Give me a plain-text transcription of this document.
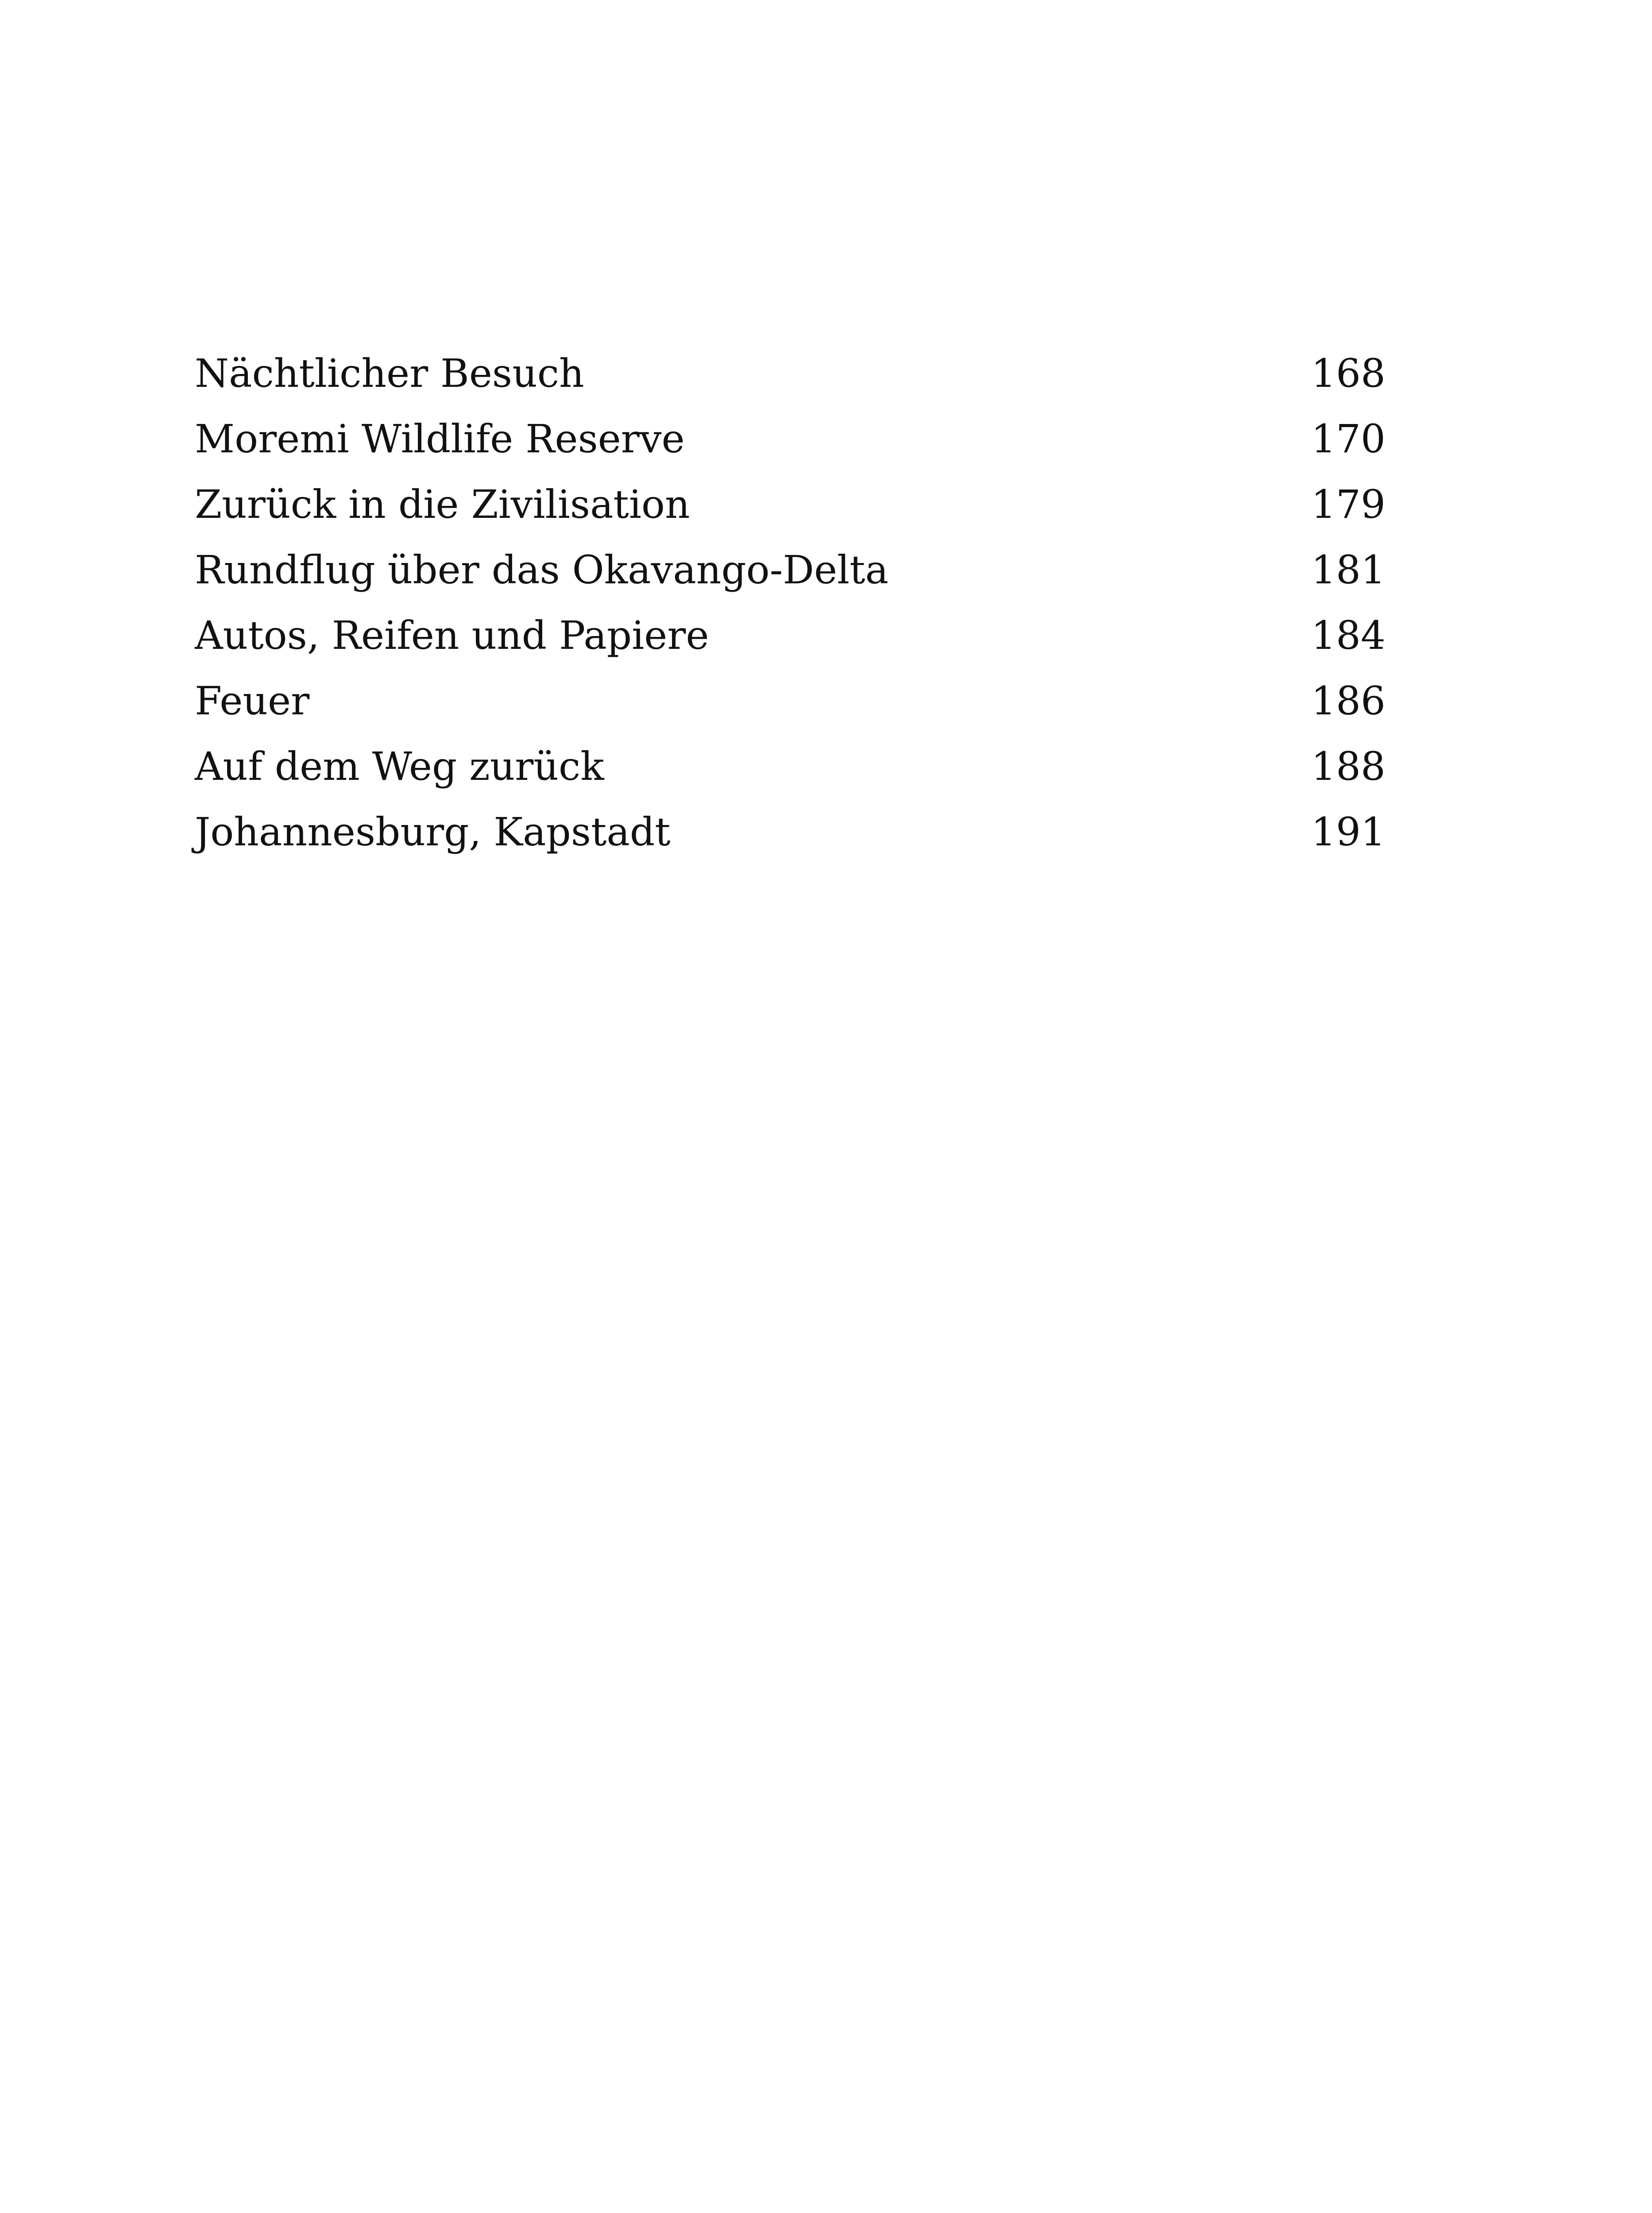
Nächtlicher Besuch	168
Moremi Wildlife Reserve	170
Zurück in die Zivilisation	179
Rundflug über das Okavango-Delta	181
Autos, Reifen und Papiere	184
Feuer	186
Auf dem Weg zurück	188
Johannesburg, Kapstadt	191
